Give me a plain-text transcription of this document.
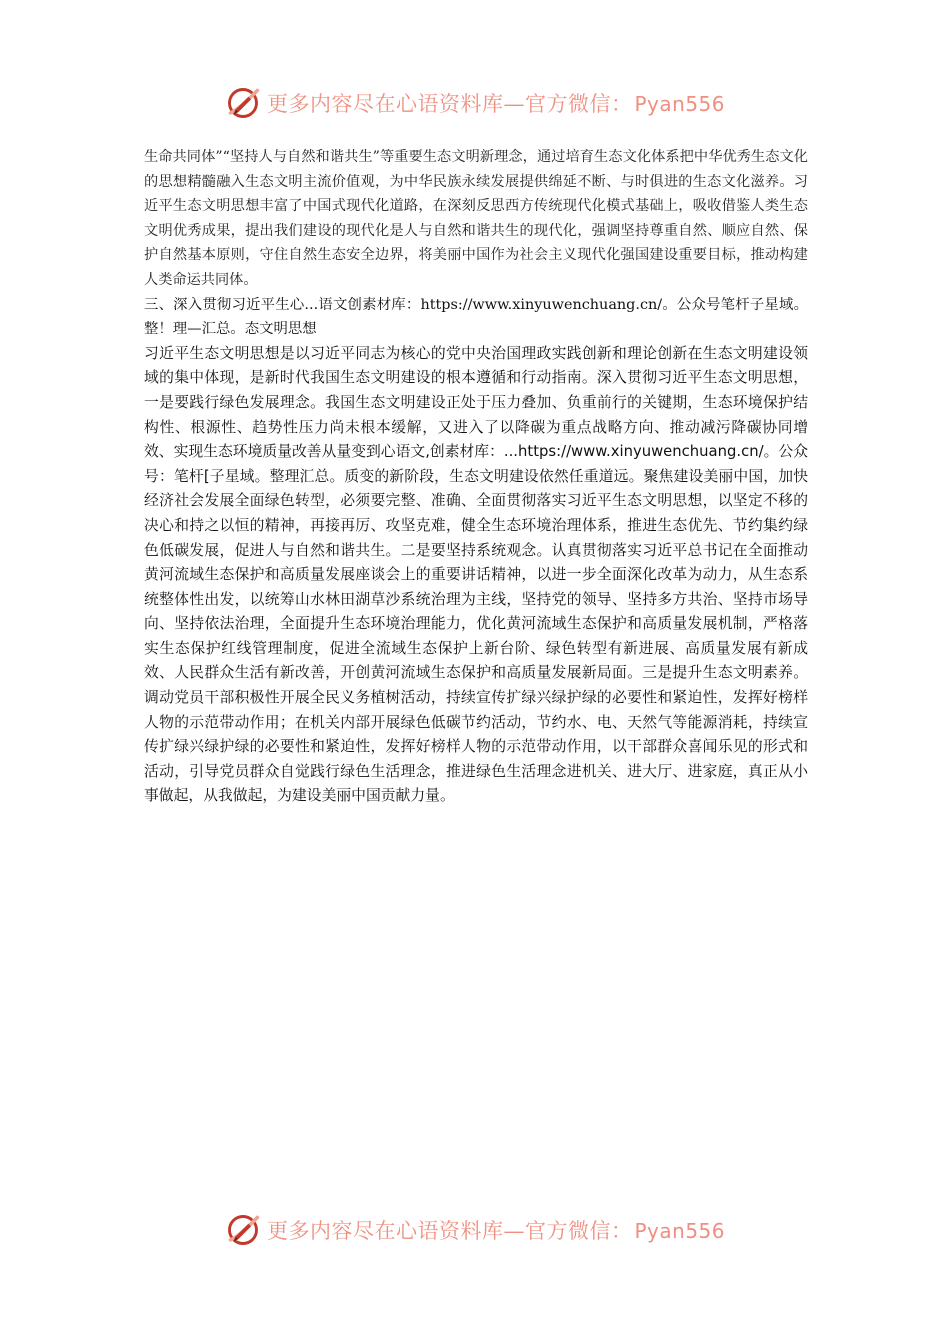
更多内容尽在心语资料库—官方微信： Pyan556

生命共同体”“坚持人与自然和谐共生”等重要生态文明新理念，通过培育生态文化体系把中华优秀生态文化的思想精髓融入生态文明主流价值观，为中华民族永续发展提供绵延不断、与时俱进的生态文化滋养。习近平生态文明思想丰富了中国式现代化道路，在深刻反思西方传统现代化模式基础上，吸收借鉴人类生态文明优秀成果，提出我们建设的现代化是人与自然和谐共生的现代化，强调坚持尊重自然、顺应自然、保护自然基本原则，守住自然生态安全边界，将美丽中国作为社会主义现代化强国建设重要目标，推动构建人类命运共同体。

三、深入贯彻习近平生心...语文创素材库：https://www.xinyuwenchuang.cn/。公众号笔杆子星域。整！理—汇总。态文明思想

习近平生态文明思想是以习近平同志为核心的党中央治国理政实践创新和理论创新在生态文明建设领域的集中体现，是新时代我国生态文明建设的根本遵循和行动指南。深入贯彻习近平生态文明思想，一是要践行绿色发展理念。我国生态文明建设正处于压力叠加、负重前行的关键期，生态环境保护结构性、根源性、趋势性压力尚未根本缓解，又进入了以降碳为重点战略方向、推动减污降碳协同增效、实现生态环境质量改善从量变到心语文,创素材库：...https://www.xinyuwenchuang.cn/。公众号：笔杆[子星域。整理汇总。质变的新阶段，生态文明建设依然任重道远。聚焦建设美丽中国，加快经济社会发展全面绿色转型，必须要完整、准确、全面贯彻落实习近平生态文明思想，以坚定不移的决心和持之以恒的精神，再接再厉、攻坚克难，健全生态环境治理体系，推进生态优先、节约集约绿色低碳发展，促进人与自然和谐共生。二是要坚持系统观念。认真贯彻落实习近平总书记在全面推动黄河流域生态保护和高质量发展座谈会上的重要讲话精神，以进一步全面深化改革为动力，从生态系统整体性出发，以统筹山水林田湖草沙系统治理为主线，坚持党的领导、坚持多方共治、坚持市场导向、坚持依法治理，全面提升生态环境治理能力，优化黄河流域生态保护和高质量发展机制，严格落实生态保护红线管理制度，促进全流域生态保护上新台阶、绿色转型有新进展、高质量发展有新成效、人民群众生活有新改善，开创黄河流域生态保护和高质量发展新局面。三是提升生态文明素养。调动党员干部积极性开展全民义务植树活动，持续宣传扩绿兴绿护绿的必要性和紧迫性，发挥好榜样人物的示范带动作用；在机关内部开展绿色低碳节约活动，节约水、电、天然气等能源消耗，持续宣传扩绿兴绿护绿的必要性和紧迫性，发挥好榜样人物的示范带动作用，以干部群众喜闻乐见的形式和活动，引导党员群众自觉践行绿色生活理念，推进绿色生活理念进机关、进大厅、进家庭，真正从小事做起，从我做起，为建设美丽中国贡献力量。

更多内容尽在心语资料库—官方微信： Pyan556
